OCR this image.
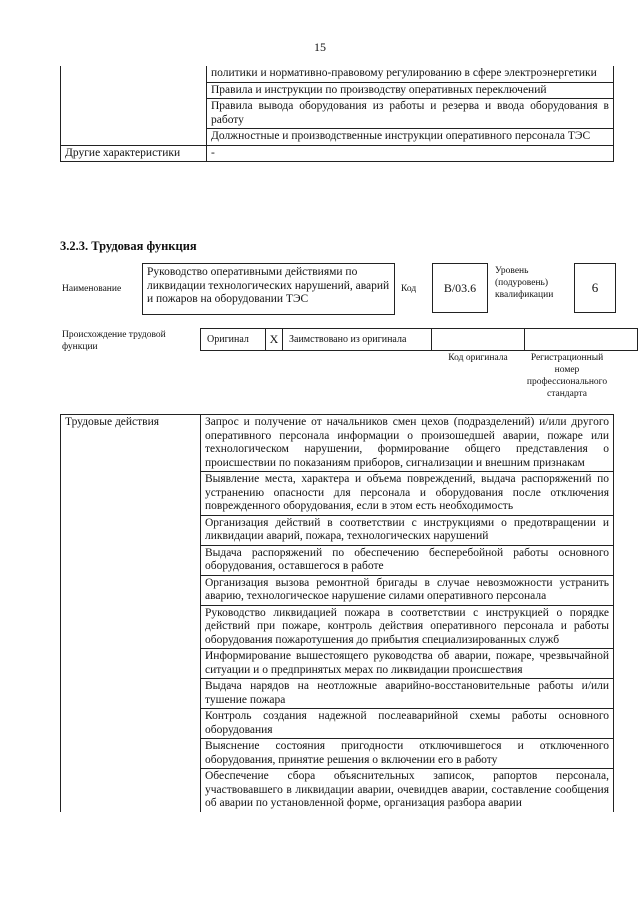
15
	политики и нормативно-правовому регулированию в сфере электроэнергетики
	Правила и инструкции по производству оперативных переключений
	Правила вывода оборудования из работы и резерва и ввода оборудования в работу
	Должностные и производственные инструкции оперативного персонала ТЭС
Другие характеристики	-
3.2.3. Трудовая функция
Наименование
Руководство оперативными действиями по ликвидации технологических нарушений, аварий и пожаров на оборудовании ТЭС
Код	B/03.6
Уровень (подуровень) квалификации	6
Происхождение трудовой функции
Оригинал	X	Заимствовано из оригинала		
Код оригинала	Регистрационный номер профессионального стандарта
Трудовые действия	Запрос и получение от начальников смен цехов (подразделений) и/или другого оперативного персонала информации о произошедшей аварии, пожаре или технологическом нарушении, формирование общего представления о происшествии по показаниям приборов, сигнализации и внешним признакам
Выявление места, характера и объема повреждений, выдача распоряжений по устранению опасности для персонала и оборудования после отключения поврежденного оборудования, если в этом есть необходимость
Организация действий в соответствии с инструкциями о предотвращении и ликвидации аварий, пожара, технологических нарушений
Выдача распоряжений по обеспечению бесперебойной работы основного оборудования, оставшегося в работе
Организация вызова ремонтной бригады в случае невозможности устранить аварию, технологическое нарушение силами оперативного персонала
Руководство ликвидацией пожара в соответствии с инструкцией о порядке действий при пожаре, контроль действия оперативного персонала и работы оборудования пожаротушения до прибытия специализированных служб
Информирование вышестоящего руководства об аварии, пожаре, чрезвычайной ситуации и о предпринятых мерах по ликвидации происшествия
Выдача нарядов на неотложные аварийно-восстановительные работы и/или тушение пожара
Контроль создания надежной послеаварийной схемы работы основного оборудования
Выяснение состояния пригодности отключившегося и отключенного оборудования, принятие решения о включении его в работу
Обеспечение сбора объяснительных записок, рапортов персонала, участвовавшего в ликвидации аварии, очевидцев аварии, составление сообщения об аварии по установленной форме, организация разбора аварии
